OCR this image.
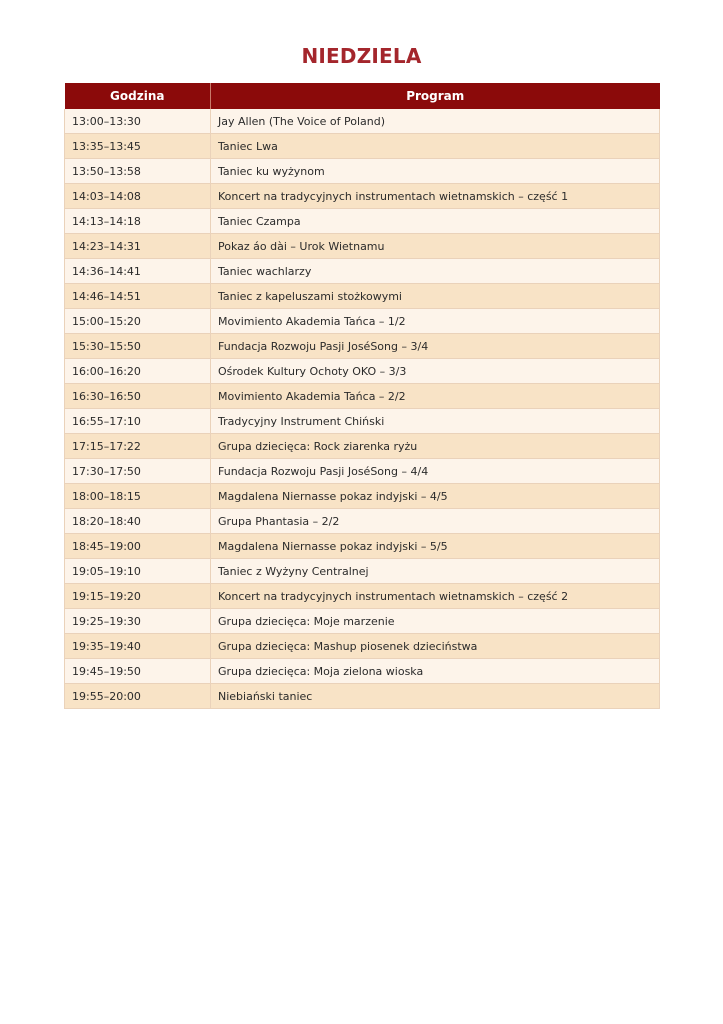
NIEDZIELA
Godzina	Program
13:00–13:30	Jay Allen (The Voice of Poland)
13:35–13:45	Taniec Lwa
13:50–13:58	Taniec ku wyżynom
14:03–14:08	Koncert na tradycyjnych instrumentach wietnamskich – część 1
14:13–14:18	Taniec Czampa
14:23–14:31	Pokaz áo dài – Urok Wietnamu
14:36–14:41	Taniec wachlarzy
14:46–14:51	Taniec z kapeluszami stożkowymi
15:00–15:20	Movimiento Akademia Tańca – 1/2
15:30–15:50	Fundacja Rozwoju Pasji JoséSong – 3/4
16:00–16:20	Ośrodek Kultury Ochoty OKO – 3/3
16:30–16:50	Movimiento Akademia Tańca – 2/2
16:55–17:10	Tradycyjny Instrument Chiński
17:15–17:22	Grupa dziecięca: Rock ziarenka ryżu
17:30–17:50	Fundacja Rozwoju Pasji JoséSong – 4/4
18:00–18:15	Magdalena Niernasse pokaz indyjski – 4/5
18:20–18:40	Grupa Phantasia – 2/2
18:45–19:00	Magdalena Niernasse pokaz indyjski – 5/5
19:05–19:10	Taniec z Wyżyny Centralnej
19:15–19:20	Koncert na tradycyjnych instrumentach wietnamskich – część 2
19:25–19:30	Grupa dziecięca: Moje marzenie
19:35–19:40	Grupa dziecięca: Mashup piosenek dzieciństwa
19:45–19:50	Grupa dziecięca: Moja zielona wioska
19:55–20:00	Niebiański taniec
